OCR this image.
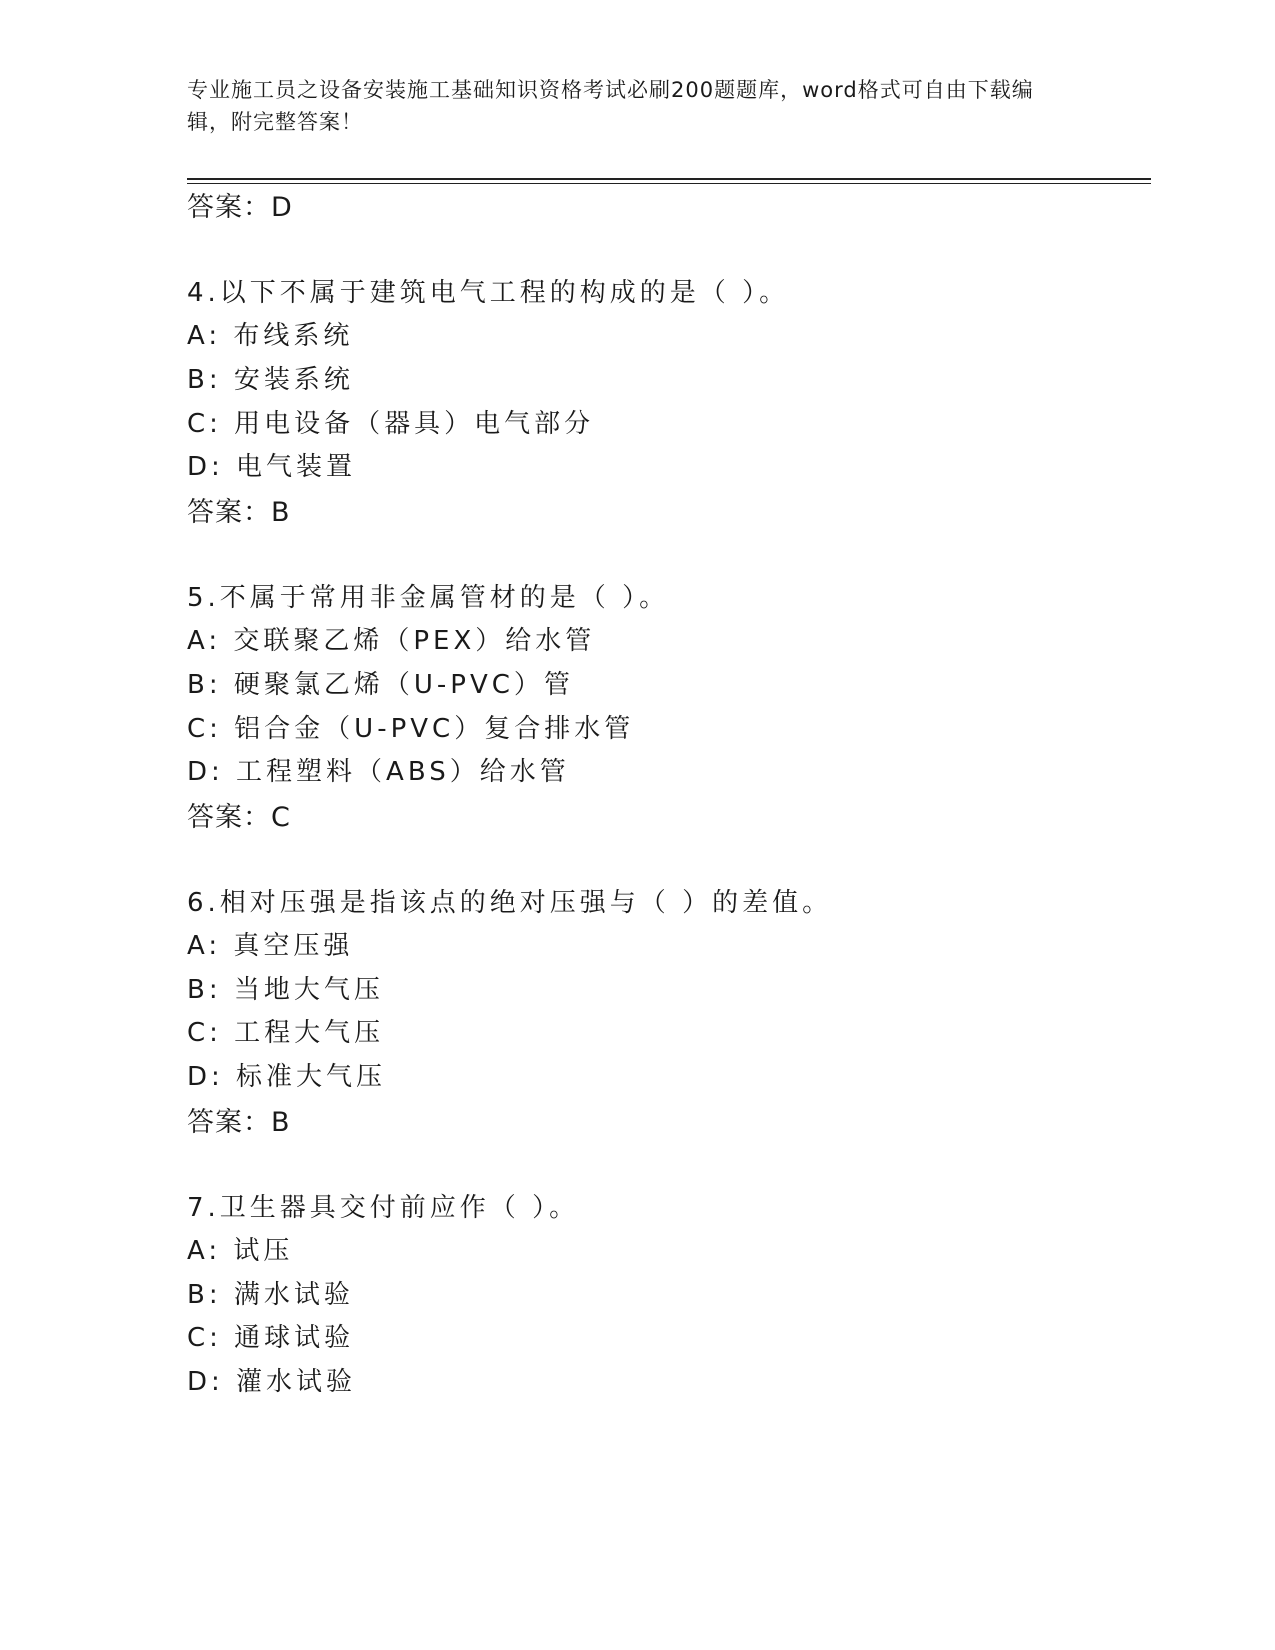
专业施工员之设备安装施工基础知识资格考试必刷200题题库，word格式可自由下载编辑，附完整答案！
答案：D
4.以下不属于建筑电气工程的构成的是（ ）。
A: 布线系统
B: 安装系统
C: 用电设备（器具）电气部分
D: 电气装置
答案：B
5.不属于常用非金属管材的是（ ）。
A: 交联聚乙烯（PEX）给水管
B: 硬聚氯乙烯（U-PVC）管
C: 铝合金（U-PVC）复合排水管
D: 工程塑料（ABS）给水管
答案：C
6.相对压强是指该点的绝对压强与（ ）的差值。
A: 真空压强
B: 当地大气压
C: 工程大气压
D: 标准大气压
答案：B
7.卫生器具交付前应作（ ）。
A: 试压
B: 满水试验
C: 通球试验
D: 灌水试验
